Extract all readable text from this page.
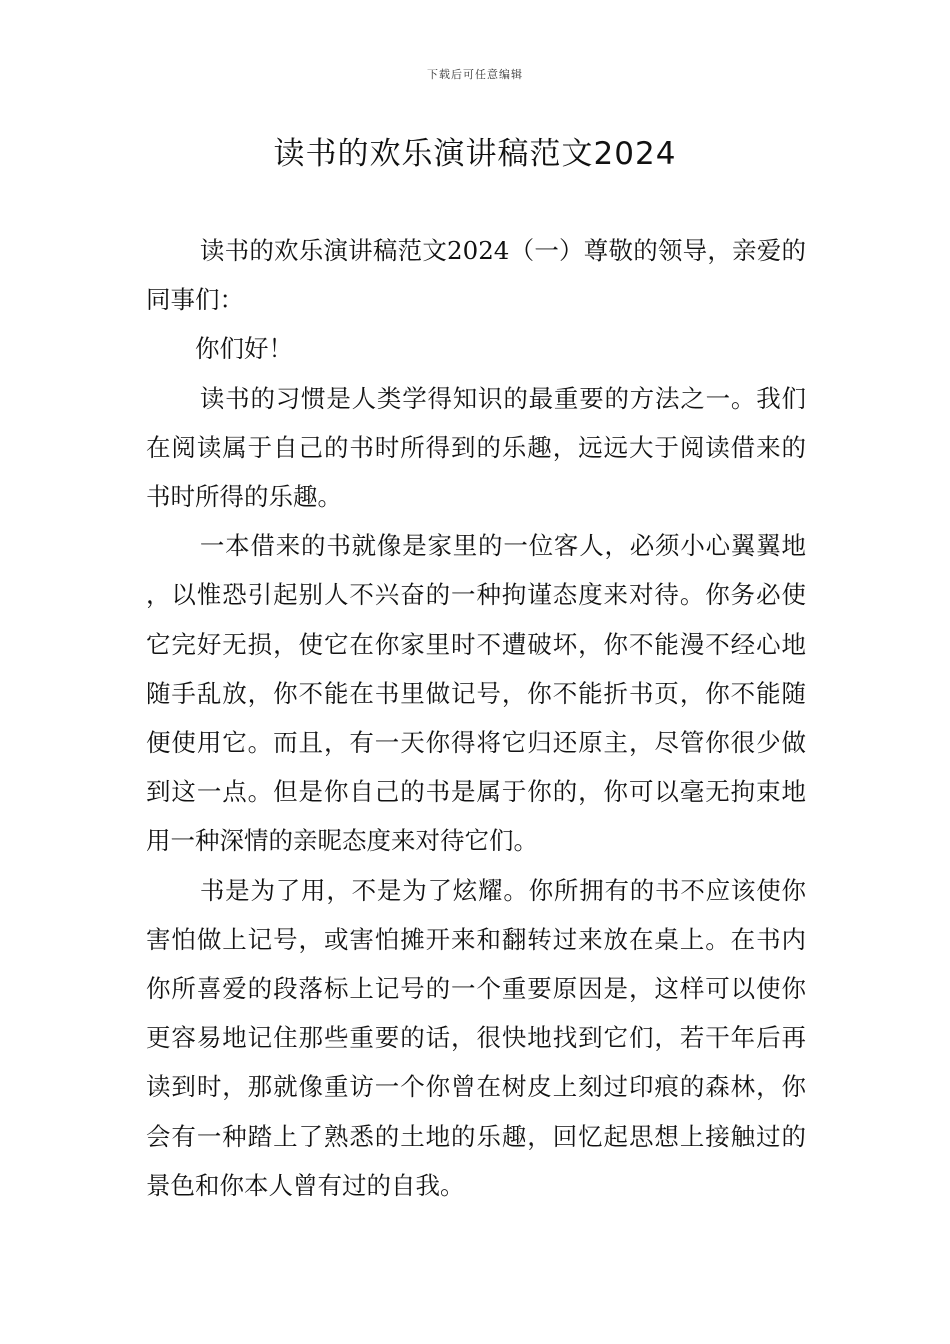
下载后可任意编辑
读书的欢乐演讲稿范文2024

读书的欢乐演讲稿范文2024（一）尊敬的领导，亲爱的同事们：

你们好！

读书的习惯是人类学得知识的最重要的方法之一。我们在阅读属于自己的书时所得到的乐趣，远远大于阅读借来的书时所得的乐趣。

一本借来的书就像是家里的一位客人，必须小心翼翼地，以惟恐引起别人不兴奋的一种拘谨态度来对待。你务必使它完好无损，使它在你家里时不遭破坏，你不能漫不经心地随手乱放，你不能在书里做记号，你不能折书页，你不能随便使用它。而且，有一天你得将它归还原主，尽管你很少做到这一点。但是你自己的书是属于你的，你可以毫无拘束地用一种深情的亲昵态度来对待它们。

书是为了用，不是为了炫耀。你所拥有的书不应该使你害怕做上记号，或害怕摊开来和翻转过来放在桌上。在书内你所喜爱的段落标上记号的一个重要原因是，这样可以使你更容易地记住那些重要的话，很快地找到它们，若干年后再读到时，那就像重访一个你曾在树皮上刻过印痕的森林，你会有一种踏上了熟悉的土地的乐趣，回忆起思想上接触过的景色和你本人曾有过的自我。
